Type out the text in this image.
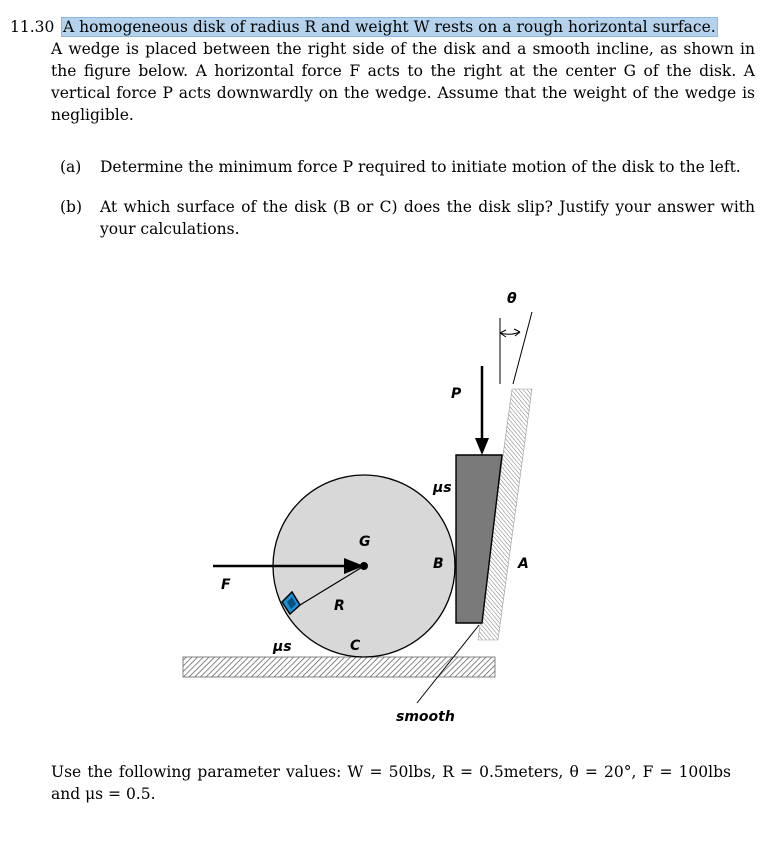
11.30 A homogeneous disk of radius R and weight W rests on a rough horizontal surface.
A wedge is placed between the right side of the disk and a smooth incline, as shown in the figure below. A horizontal force F acts to the right at the center G of the disk. A vertical force P acts downwardly on the wedge. Assume that the weight of the wedge is negligible.
(a) Determine the minimum force P required to initiate motion of the disk to the left.
(b) At which surface of the disk (B or C) does the disk slip? Justify your answer with your calculations.
θ
P
μs
G
B	A
F
R
μs	C
smooth
Use the following parameter values: W = 50lbs, R = 0.5meters, θ = 20°, F = 100lbs and μs = 0.5.
